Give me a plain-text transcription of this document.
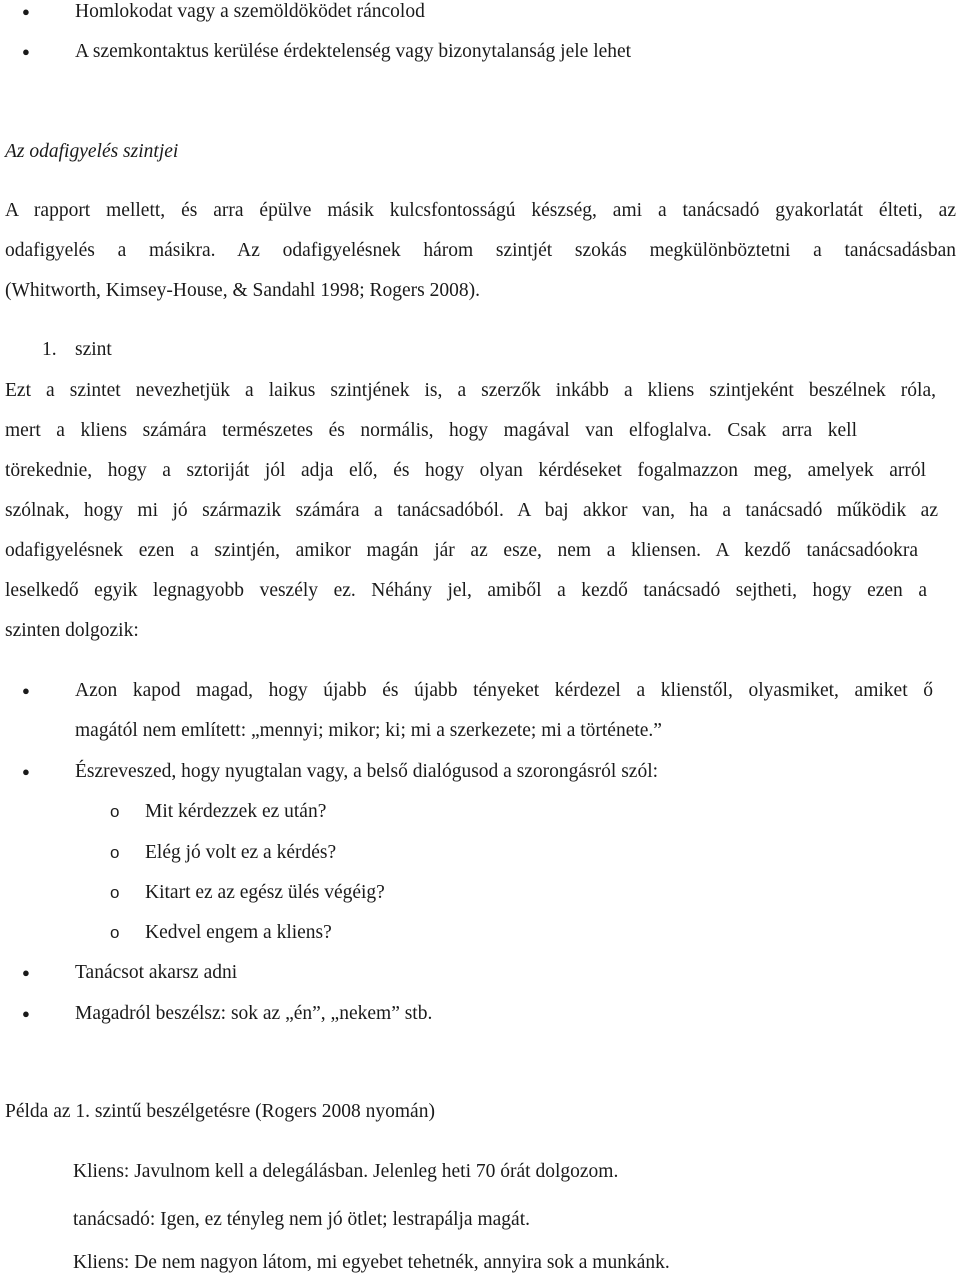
● Homlokodat vagy a szemöldöködet ráncolod
● A szemkontaktus kerülése érdektelenség vagy bizonytalanság jele lehet
Az odafigyelés szintjei
A rapport mellett, és arra épülve másik kulcsfontosságú készség, ami a tanácsadó gyakorlatát élteti, az
odafigyelés a másikra. Az odafigyelésnek három szintjét szokás megkülönböztetni a tanácsadásban
(Whitworth, Kimsey-House, & Sandahl 1998; Rogers 2008).
1. szint
Ezt a szintet nevezhetjük a laikus szintjének is, a szerzők inkább a kliens szintjeként beszélnek róla,
mert a kliens számára természetes és normális, hogy magával van elfoglalva. Csak arra kell
törekednie, hogy a sztoriját jól adja elő, és hogy olyan kérdéseket fogalmazzon meg, amelyek arról
szólnak, hogy mi jó származik számára a tanácsadóból. A baj akkor van, ha a tanácsadó működik az
odafigyelésnek ezen a szintjén, amikor magán jár az esze, nem a kliensen. A kezdő tanácsadóokra
leselkedő egyik legnagyobb veszély ez. Néhány jel, amiből a kezdő tanácsadó sejtheti, hogy ezen a
szinten dolgozik:
● Azon kapod magad, hogy újabb és újabb tényeket kérdezel a klienstől, olyasmiket, amiket ő
magától nem említett: „mennyi; mikor; ki; mi a szerkezete; mi a története.”
● Észreveszed, hogy nyugtalan vagy, a belső dialógusod a szorongásról szól:
o Mit kérdezzek ez után?
o Elég jó volt ez a kérdés?
o Kitart ez az egész ülés végéig?
o Kedvel engem a kliens?
● Tanácsot akarsz adni
● Magadról beszélsz: sok az „én”, „nekem” stb.
Példa az 1. szintű beszélgetésre (Rogers 2008 nyomán)
Kliens: Javulnom kell a delegálásban. Jelenleg heti 70 órát dolgozom.
tanácsadó: Igen, ez tényleg nem jó ötlet; lestrapálja magát.
Kliens: De nem nagyon látom, mi egyebet tehetnék, annyira sok a munkánk.
